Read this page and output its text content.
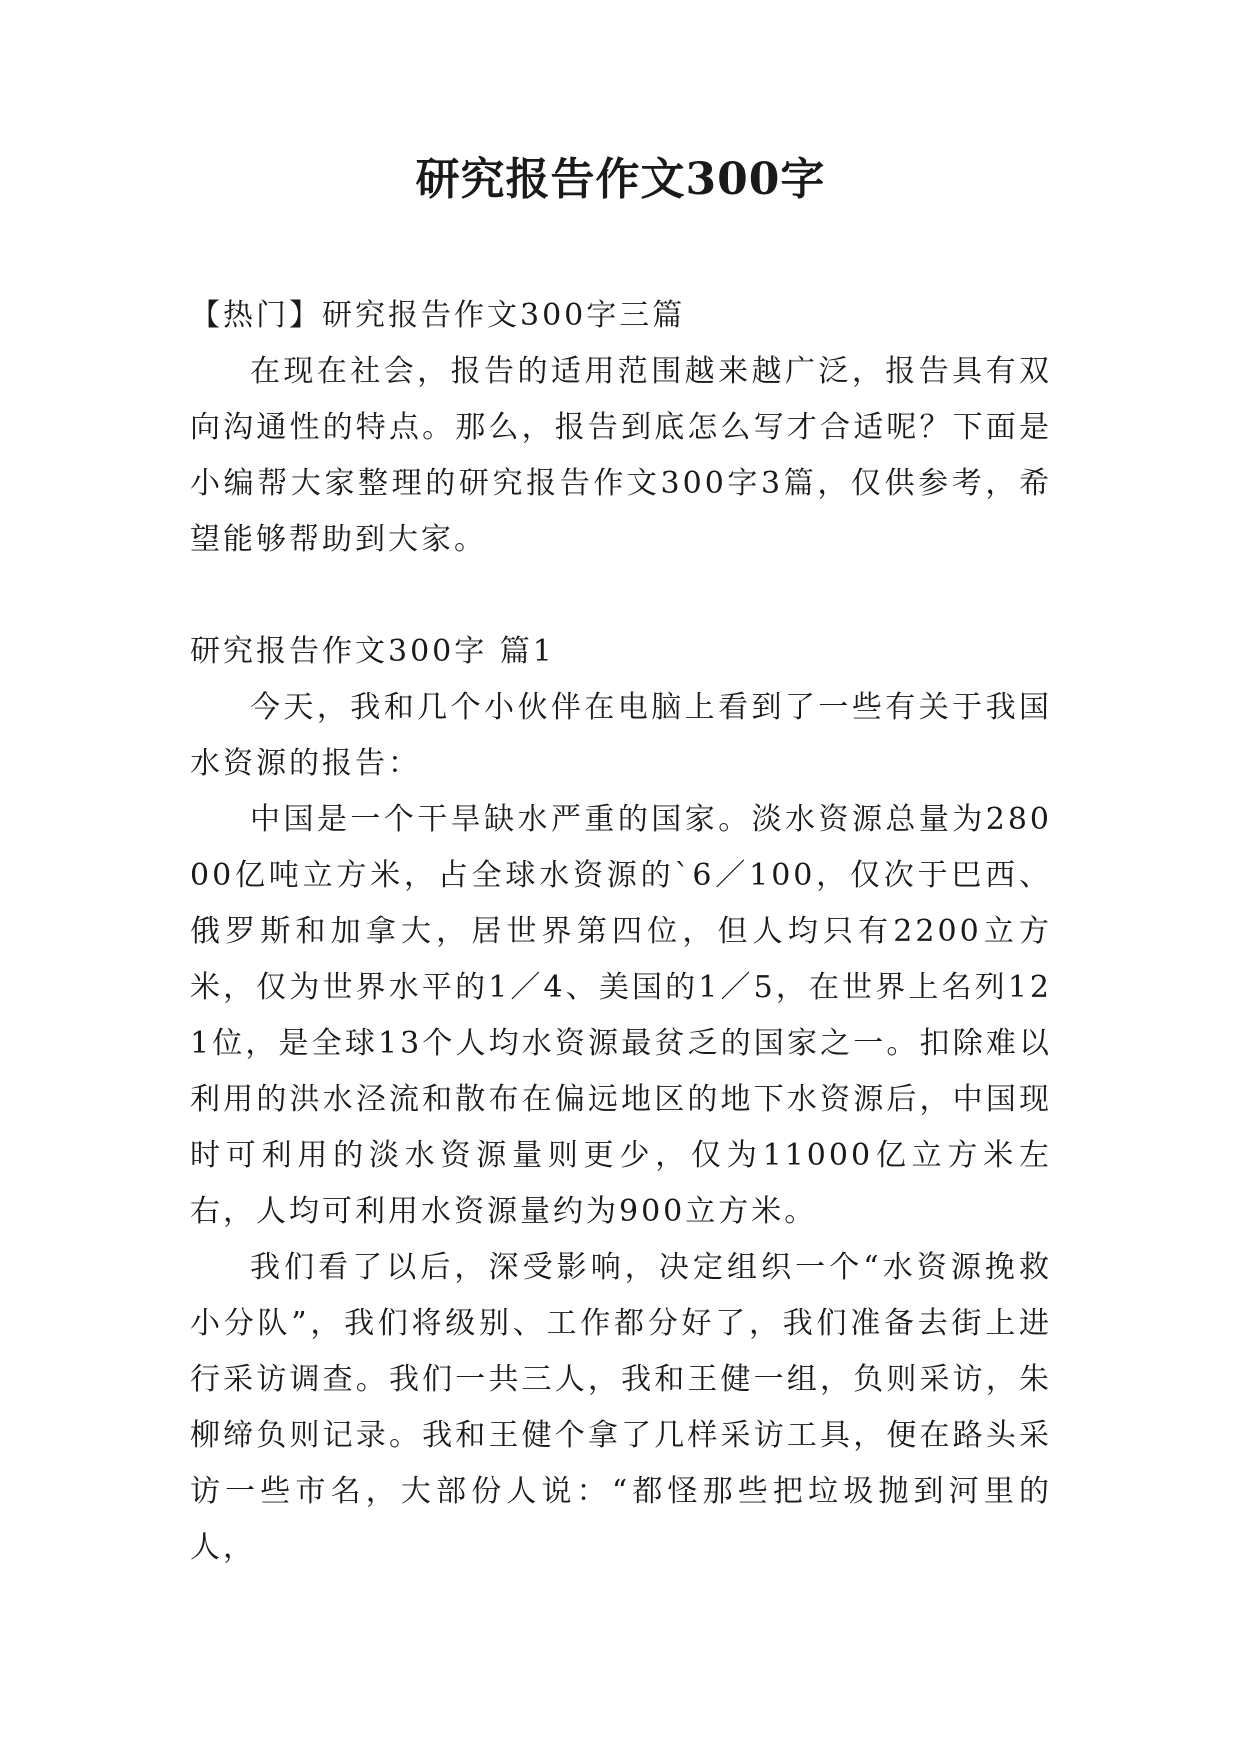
研究报告作文300字

【热门】研究报告作文300字三篇

在现在社会，报告的适用范围越来越广泛，报告具有双向沟通性的特点。那么，报告到底怎么写才合适呢？下面是小编帮大家整理的研究报告作文300字3篇，仅供参考，希望能够帮助到大家。

研究报告作文300字 篇1

今天，我和几个小伙伴在电脑上看到了一些有关于我国水资源的报告：

中国是一个干旱缺水严重的国家。淡水资源总量为28000亿吨立方米，占全球水资源的`6／100，仅次于巴西、俄罗斯和加拿大，居世界第四位，但人均只有2200立方米，仅为世界水平的1／4、美国的1／5，在世界上名列121位，是全球13个人均水资源最贫乏的国家之一。扣除难以利用的洪水泾流和散布在偏远地区的地下水资源后，中国现时可利用的淡水资源量则更少，仅为11000亿立方米左右，人均可利用水资源量约为900立方米。

我们看了以后，深受影响，决定组织一个“水资源挽救小分队”，我们将级别、工作都分好了，我们准备去街上进行采访调查。我们一共三人，我和王健一组，负则采访，朱柳缔负则记录。我和王健个拿了几样采访工具，便在路头采访一些市名，大部份人说：“都怪那些把垃圾抛到河里的人，
